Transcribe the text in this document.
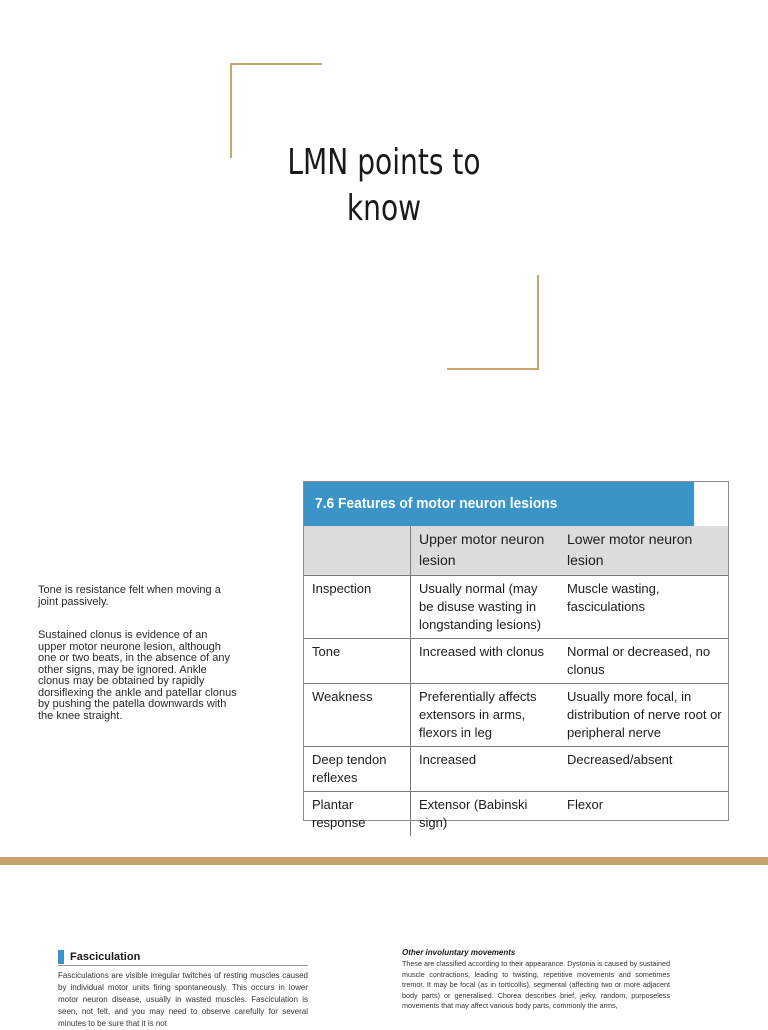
LMN points to
know
Tone is resistance felt when moving a joint passively.
Sustained clonus is evidence of an upper motor neurone lesion, although one or two beats, in the absence of any other signs, may be ignored. Ankle clonus may be obtained by rapidly dorsiflexing the ankle and patellar clonus by pushing the patella downwards with the knee straight.
7.6 Features of motor neuron lesions
	Upper motor neuron lesion	Lower motor neuron lesion
Inspection	Usually normal (may be disuse wasting in longstanding lesions)	Muscle wasting, fasciculations
Tone	Increased with clonus	Normal or decreased, no clonus
Weakness	Preferentially affects extensors in arms, flexors in leg	Usually more focal, in distribution of nerve root or peripheral nerve
Deep tendon reflexes	Increased	Decreased/absent
Plantar response	Extensor (Babinski sign)	Flexor
Fasciculation
Fasciculations are visible irregular twitches of resting muscles caused by individual motor units firing spontaneously. This occurs in lower motor neuron disease, usually in wasted muscles. Fasciculation is seen, not felt, and you may need to observe carefully for several minutes to be sure that it is not
Other involuntary movements
These are classified according to their appearance. Dystonia is caused by sustained muscle contractions, leading to twisting, repetitive movements and sometimes tremor. It may be focal (as in torticollis), segmental (affecting two or more adjacent body parts) or generalised. Chorea describes brief, jerky, random, purposeless movements that may affect various body parts, commonly the arms,
